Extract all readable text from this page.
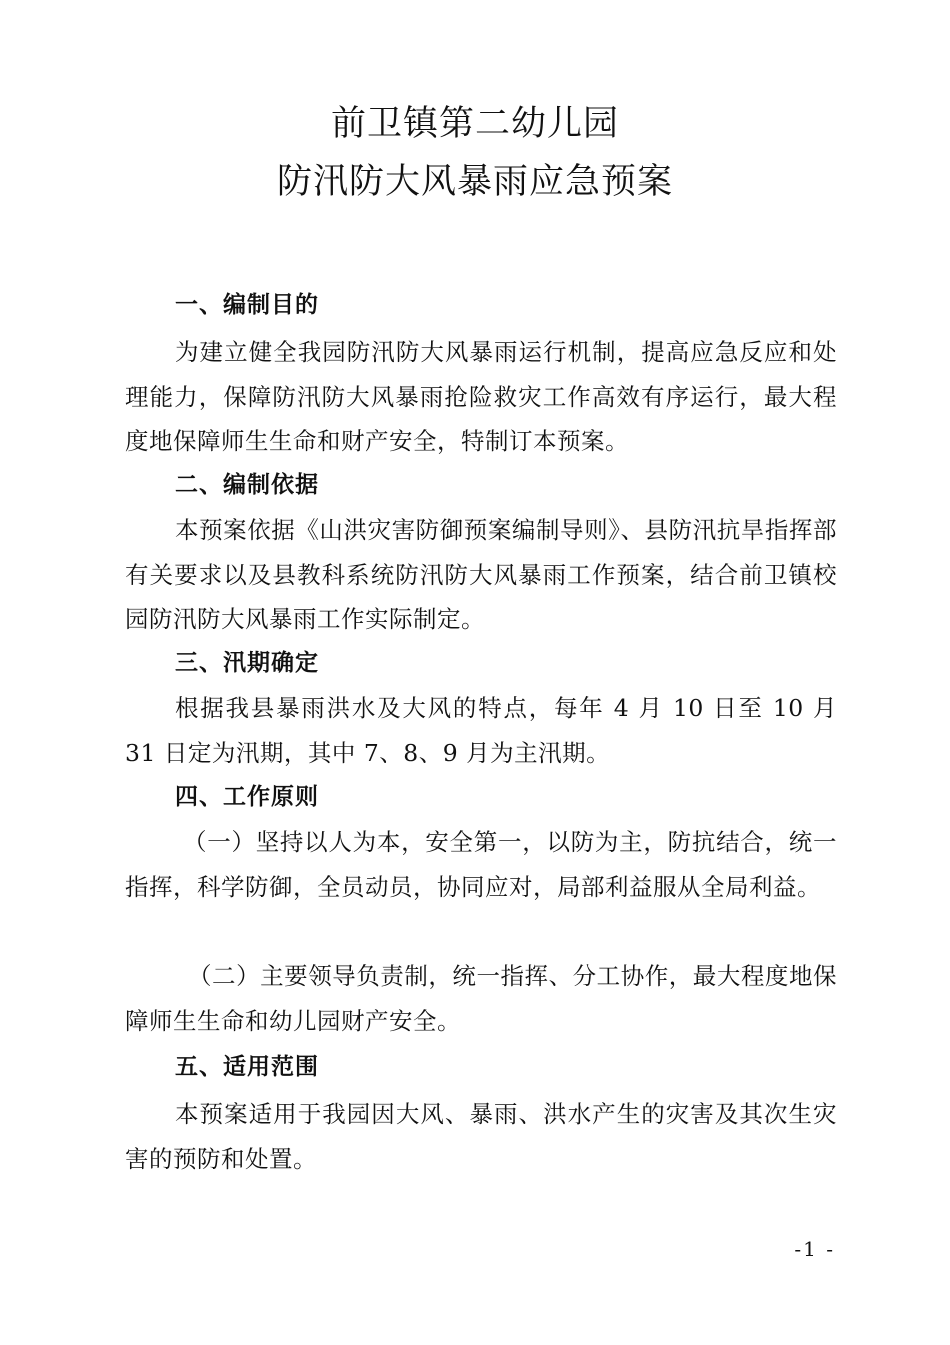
前卫镇第二幼儿园
防汛防大风暴雨应急预案
一、编制目的
为建立健全我园防汛防大风暴雨运行机制，提高应急反应和处理能力，保障防汛防大风暴雨抢险救灾工作高效有序运行，最大程度地保障师生生命和财产安全，特制订本预案。
二、编制依据
本预案依据《山洪灾害防御预案编制导则》、县防汛抗旱指挥部有关要求以及县教科系统防汛防大风暴雨工作预案，结合前卫镇校园防汛防大风暴雨工作实际制定。
三、汛期确定
根据我县暴雨洪水及大风的特点，每年 4 月 10 日至 10 月 31 日定为汛期，其中 7、8、9 月为主汛期。
四、工作原则
（一）坚持以人为本，安全第一，以防为主，防抗结合，统一指挥，科学防御，全员动员，协同应对，局部利益服从全局利益。
（二）主要领导负责制，统一指挥、分工协作，最大程度地保障师生生命和幼儿园财产安全。
五、适用范围
本预案适用于我园因大风、暴雨、洪水产生的灾害及其次生灾害的预防和处置。
-1 -
